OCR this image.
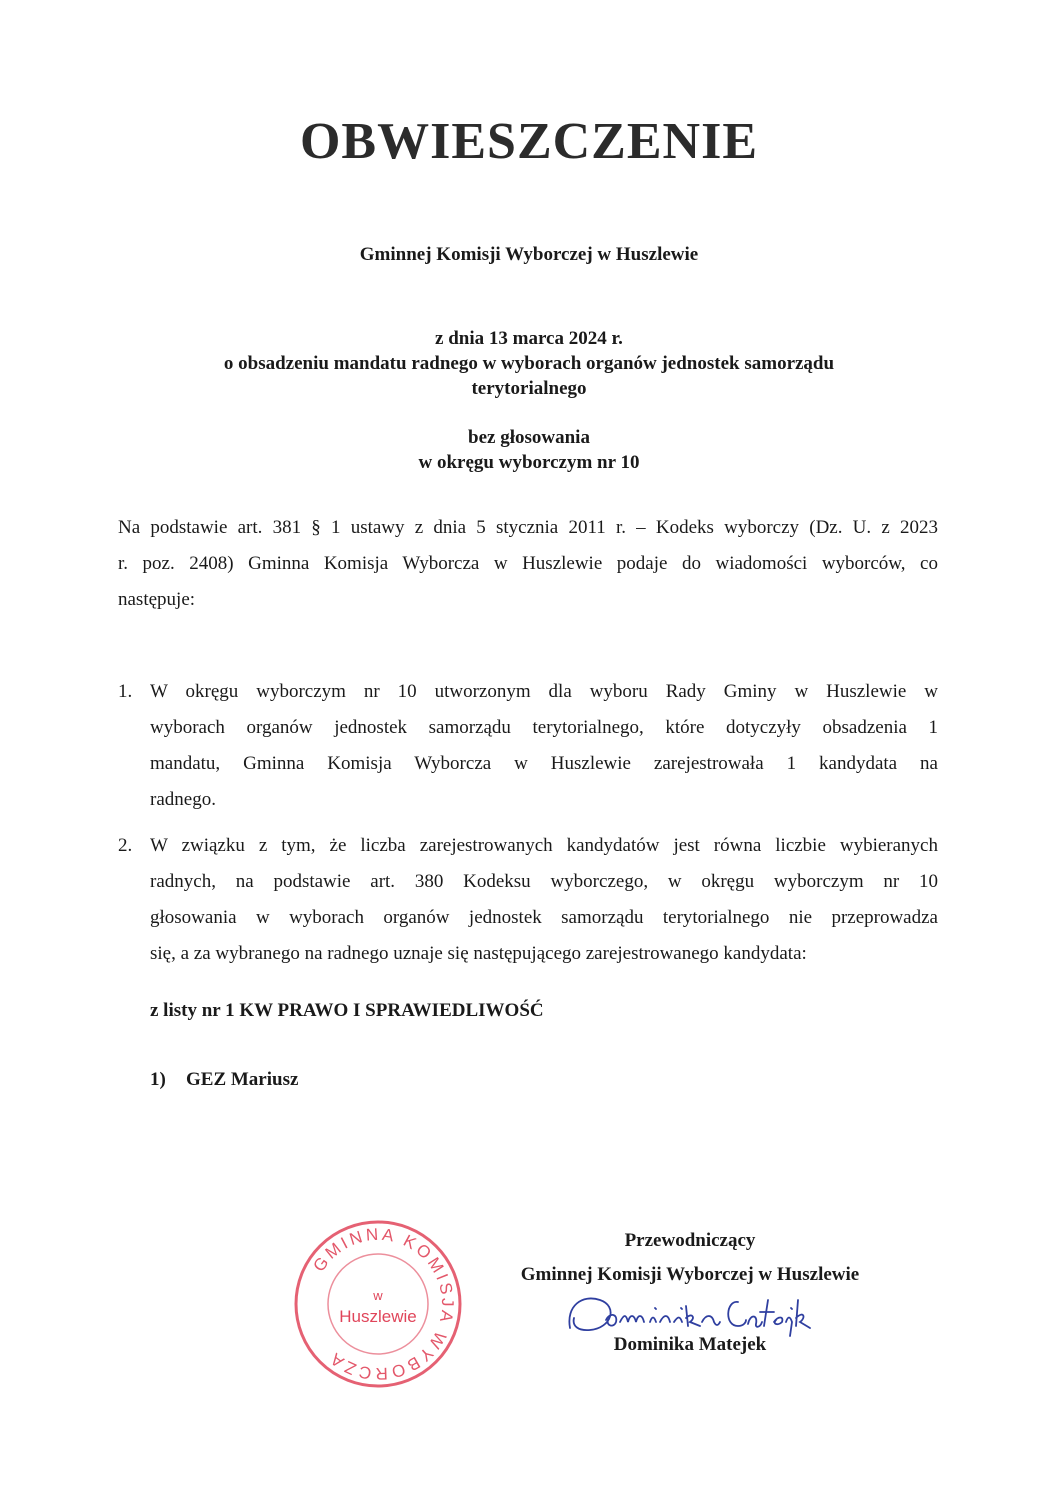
OBWIESZCZENIE
Gminnej Komisji Wyborczej w Huszlewie
z dnia 13 marca 2024 r.
o obsadzeniu mandatu radnego w wyborach organów jednostek samorządu
terytorialnego
bez głosowania
w okręgu wyborczym nr 10
Na podstawie art. 381 § 1 ustawy z dnia 5 stycznia 2011 r. – Kodeks wyborczy (Dz. U. z 2023
r. poz. 2408) Gminna Komisja Wyborcza w Huszlewie podaje do wiadomości wyborców, co
następuje:
1. W okręgu wyborczym nr 10 utworzonym dla wyboru Rady Gminy w Huszlewie w
wyborach organów jednostek samorządu terytorialnego, które dotyczyły obsadzenia 1
mandatu, Gminna Komisja Wyborcza w Huszlewie zarejestrowała 1 kandydata na
radnego.
2. W związku z tym, że liczba zarejestrowanych kandydatów jest równa liczbie wybieranych
radnych, na podstawie art. 380 Kodeksu wyborczego, w okręgu wyborczym nr 10
głosowania w wyborach organów jednostek samorządu terytorialnego nie przeprowadza
się, a za wybranego na radnego uznaje się następującego zarejestrowanego kandydata:
z listy nr 1 KW PRAWO I SPRAWIEDLIWOŚĆ
1) GEZ Mariusz
GMINNA KOMISJA WYBORCZA
w
Huszlewie
Przewodniczący
Gminnej Komisji Wyborczej w Huszlewie
Dominika Matejek
